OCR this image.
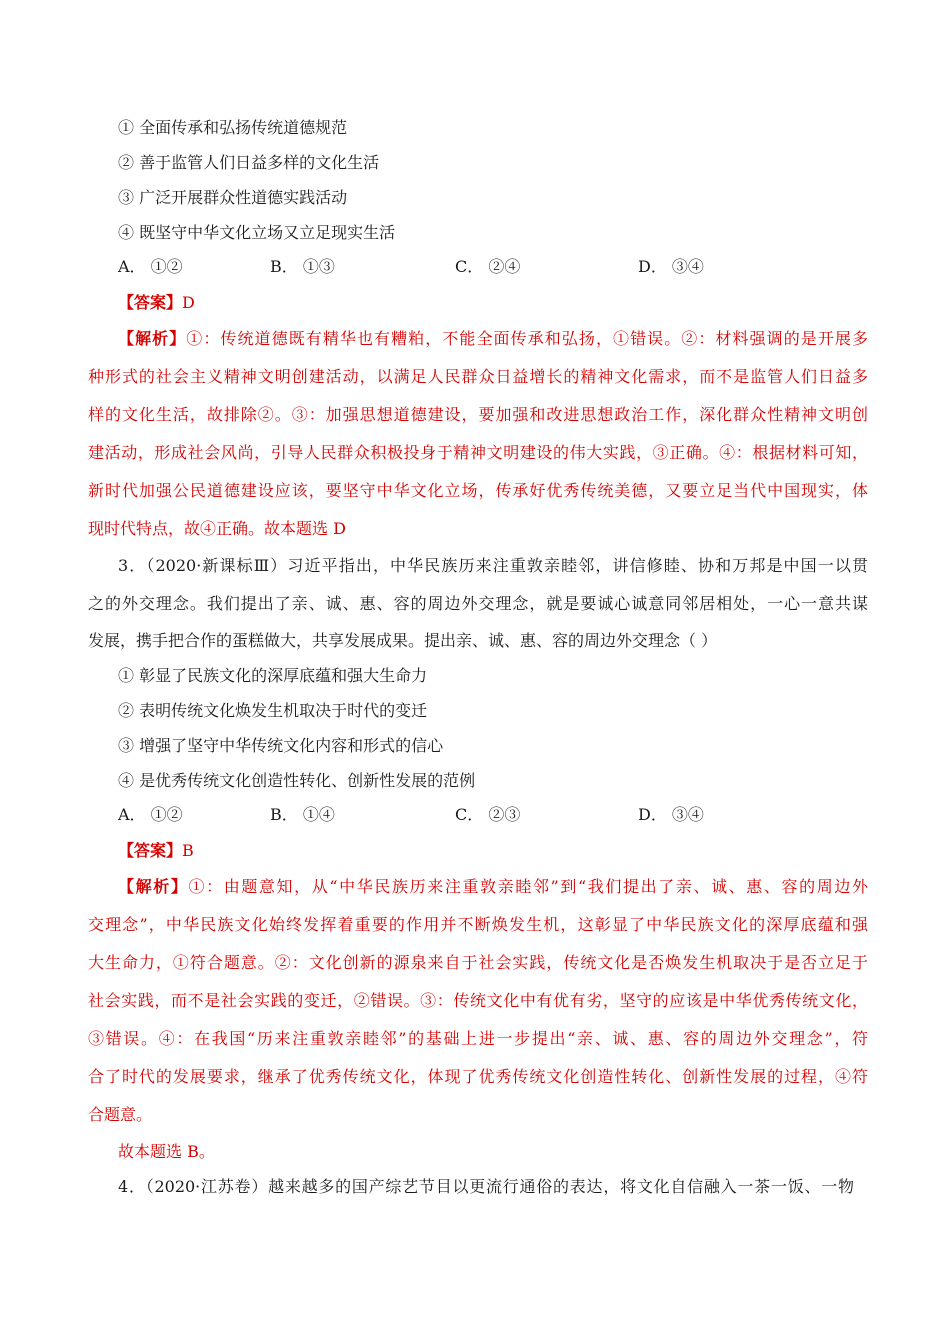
① 全面传承和弘扬传统道德规范
② 善于监管人们日益多样的文化生活
③ 广泛开展群众性道德实践活动
④ 既坚守中华文化立场又立足现实生活
A． ①②	B． ①③	C． ②④	D． ③④
【答案】D
【解析】①：传统道德既有精华也有糟粕，不能全面传承和弘扬，①错误。②：材料强调的是开展多
种形式的社会主义精神文明创建活动，以满足人民群众日益增长的精神文化需求，而不是监管人们日益多
样的文化生活，故排除②。③：加强思想道德建设，要加强和改进思想政治工作，深化群众性精神文明创
建活动，形成社会风尚，引导人民群众积极投身于精神文明建设的伟大实践，③正确。④：根据材料可知，
新时代加强公民道德建设应该，要坚守中华文化立场，传承好优秀传统美德，又要立足当代中国现实，体
现时代特点，故④正确。故本题选 D
3．（2020·新课标Ⅲ）习近平指出，中华民族历来注重敦亲睦邻，讲信修睦、协和万邦是中国一以贯
之的外交理念。我们提出了亲、诚、惠、容的周边外交理念，就是要诚心诚意同邻居相处，一心一意共谋
发展，携手把合作的蛋糕做大，共享发展成果。提出亲、诚、惠、容的周边外交理念（ ）
① 彰显了民族文化的深厚底蕴和强大生命力
② 表明传统文化焕发生机取决于时代的变迁
③ 增强了坚守中华传统文化内容和形式的信心
④ 是优秀传统文化创造性转化、创新性发展的范例
A． ①②	B． ①④	C． ②③	D． ③④
【答案】B
【解析】①：由题意知，从“中华民族历来注重敦亲睦邻”到“我们提出了亲、诚、惠、容的周边外
交理念”，中华民族文化始终发挥着重要的作用并不断焕发生机，这彰显了中华民族文化的深厚底蕴和强
大生命力，①符合题意。②：文化创新的源泉来自于社会实践，传统文化是否焕发生机取决于是否立足于
社会实践，而不是社会实践的变迁，②错误。③：传统文化中有优有劣，坚守的应该是中华优秀传统文化，
③错误。④：在我国“历来注重敦亲睦邻”的基础上进一步提出“亲、诚、惠、容的周边外交理念”，符
合了时代的发展要求，继承了优秀传统文化，体现了优秀传统文化创造性转化、创新性发展的过程，④符
合题意。
故本题选 B。
4．（2020·江苏卷）越来越多的国产综艺节目以更流行通俗的表达，将文化自信融入一茶一饭、一物
